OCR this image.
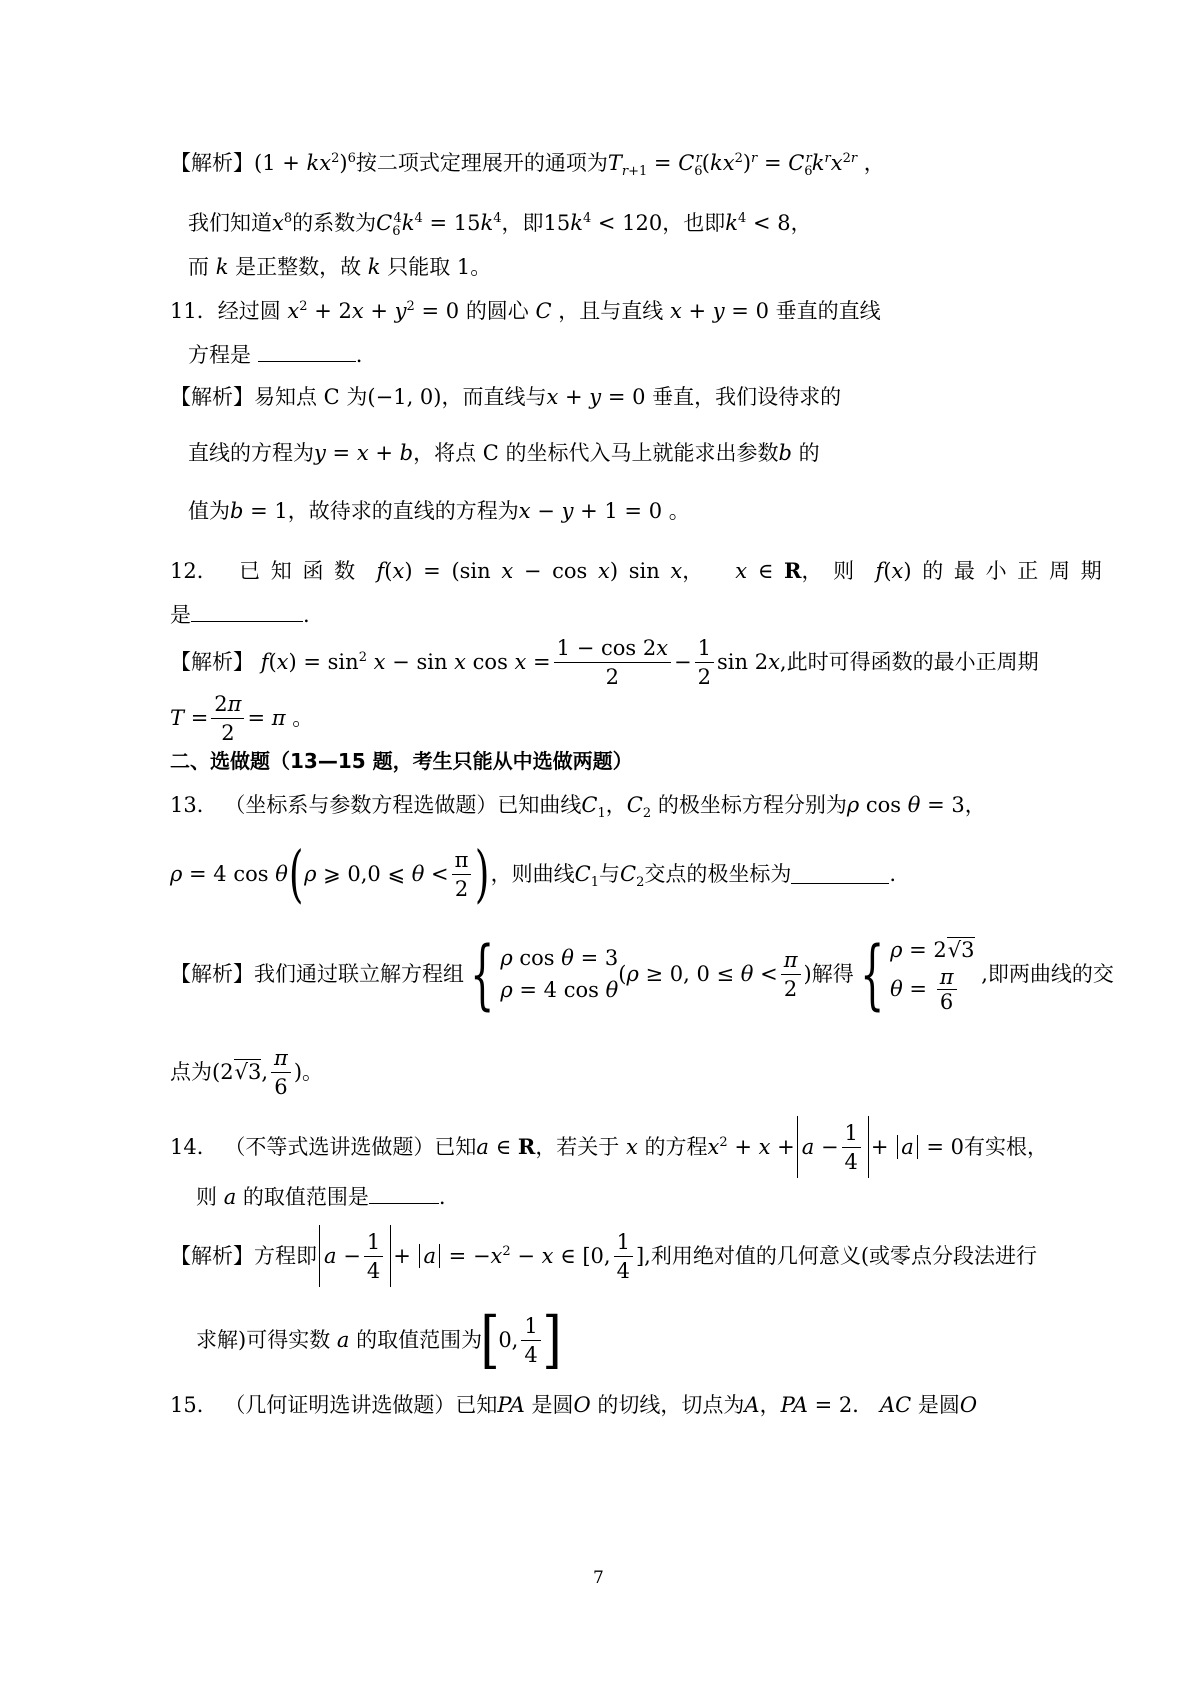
【解析】$(1 + kx^2)^6$按二项式定理展开的通项为$T_{r+1} = C_6^r(kx^2)^r = C_6^rk^rx^{2r}$ ，
我们知道$x^8$的系数为$C_6^4k^4 = 15k^4$，即$15k^4 < 120$，也即$k^4 < 8$，
而 k 是正整数，故 k 只能取 1。
11．经过圆 $x^2 + 2x + y^2 = 0$ 的圆心 C ，且与直线 x + y = 0 垂直的直线
方程是	.
【解析】易知点 C 为(−1, 0)，而直线与x + y = 0 垂直，我们设待求的
直线的方程为y = x + b，将点 C 的坐标代入马上就能求出参数b 的
值为b = 1，故待求的直线的方程为x − y + 1 = 0 。
12． 已 知 函 数 f(x) = (sin x − cos x) sin x， x ∈ R， 则 f(x) 的 最 小 正 周 期
是	.
【解析】
$f(x) = \sin^2 x - \sin x$ $\cos x = \frac{1 - \cos 2x}{2} - \frac{1}{2}$ sin 2x ,此时可得函数的最小正周期
$T = \frac{2\pi}{2} = \pi$
。
二、选做题（13—15 题，考生只能从中选做两题）
13． （坐标系与参数方程选做题）已知曲线$C_1$，$C_2$ 的极坐标方程分别为ρ cos θ = 3，
ρ = 4 cos θ ( ρ ⩾ 0,0 ⩽ $\theta < \frac{\pi}{2}$ ) ，则曲线 $C_1$ 与 $C_2$ 交点的极坐标为	.
【解析】 我们通过联立解方程组 { ρ cos θ = 3
ρ = 4 cos θ
(ρ ≥ 0, $0 \le \theta < \frac{\pi}{2}$ ) 解得 { ρ = 2√3
$\theta = \frac{\pi}{6}$
,即两曲线的交
点为 (2√3, $\frac{\pi}{6}$ ) 。
14．
（不等式选讲选做题）已知 a ∈ R ，若关于
x
的方程 $x^2 + x + a - \frac{1}{4} + a = 0$ 有实根，
则 a 的取值范围是	.
【解析】 方程即 $a - \frac{1}{4} + a = -x^2 - x$ ∈ [0, $\frac{1}{4}$ ] ,利用绝对值的几何意义(或零点分段法进行
求解)可得实数
a
的取值范围为
[
0, $\frac{1}{4}$ ]
15． （几何证明选讲选做题）已知PA 是圆O 的切线，切点为A，PA = 2． AC 是圆O
7
